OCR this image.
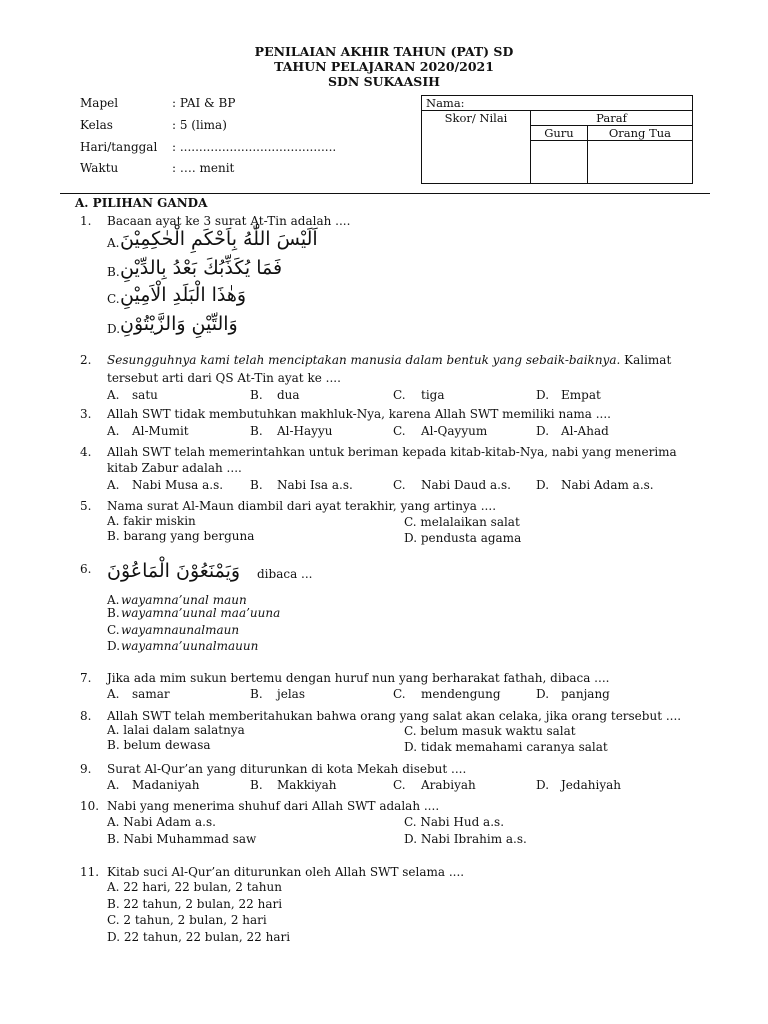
PENILAIAN AKHIR TAHUN (PAT) SD
TAHUN PELAJARAN 2020/2021
SDN SUKAASIH
Mapel	: PAI & BP
Kelas	: 5 (lima)
Hari/tanggal : .........................................
Waktu	: …. menit
Nama:		
Skor/ Nilai	Paraf	
	Guru	Orang Tua

A. PILIHAN GANDA
1. Bacaan ayat ke 3 surat At-Tin adalah ....
A. اَلَيْسَ اللّٰهُ بِاَحْكَمِ الْحٰكِمِيْنَ
B. فَمَا يُكَذِّبُكَ بَعْدُ بِالدِّيْنِ
C. وَهٰذَا الْبَلَدِ الْاَمِيْنِ
D. وَالتِّيْنِ وَالزَّيْتُوْنِ
2. Sesungguhnya kami telah menciptakan manusia dalam bentuk yang sebaik-baiknya. Kalimat
tersebut arti dari QS At-Tin ayat ke ....
A. satu	B. dua	C. tiga	D. Empat
3. Allah SWT tidak membutuhkan makhluk-Nya, karena Allah SWT memiliki nama ....
A. Al-Mumit	B. Al-Hayyu	C. Al-Qayyum	D. Al-Ahad
4. Allah SWT telah memerintahkan untuk beriman kepada kitab-kitab-Nya, nabi yang menerima
kitab Zabur adalah ....
A. Nabi Musa a.s. B. Nabi Isa a.s.	C. Nabi Daud a.s. D. Nabi Adam a.s.
5. Nama surat Al-Maun diambil dari ayat terakhir, yang artinya ....
A. fakir miskin	C. melalaikan salat
B. barang yang berguna	D. pendusta agama
6. وَيَمْنَعُوْنَ الْمَاعُوْنَ dibaca ...
A. wayamna’unal maun
B. wayamna’uunal maa’uuna
C. wayamnaunalmaun
D. wayamna’uunalmauun
7. Jika ada mim sukun bertemu dengan huruf nun yang berharakat fathah, dibaca ....
A. samar	B. jelas	C. mendengung	D. panjang
8. Allah SWT telah memberitahukan bahwa orang yang salat akan celaka, jika orang tersebut ....
A. lalai dalam salatnya	C. belum masuk waktu salat
B. belum dewasa	D. tidak memahami caranya salat
9. Surat Al-Qur’an yang diturunkan di kota Mekah disebut ....
A. Madaniyah	B. Makkiyah	C. Arabiyah	D. Jedahiyah
10. Nabi yang menerima shuhuf dari Allah SWT adalah ....
A. Nabi Adam a.s.	C. Nabi Hud a.s.
B. Nabi Muhammad saw	D. Nabi Ibrahim a.s.
11. Kitab suci Al-Qur’an diturunkan oleh Allah SWT selama ....
A. 22 hari, 22 bulan, 2 tahun
B. 22 tahun, 2 bulan, 22 hari
C. 2 tahun, 2 bulan, 2 hari
D. 22 tahun, 22 bulan, 22 hari
